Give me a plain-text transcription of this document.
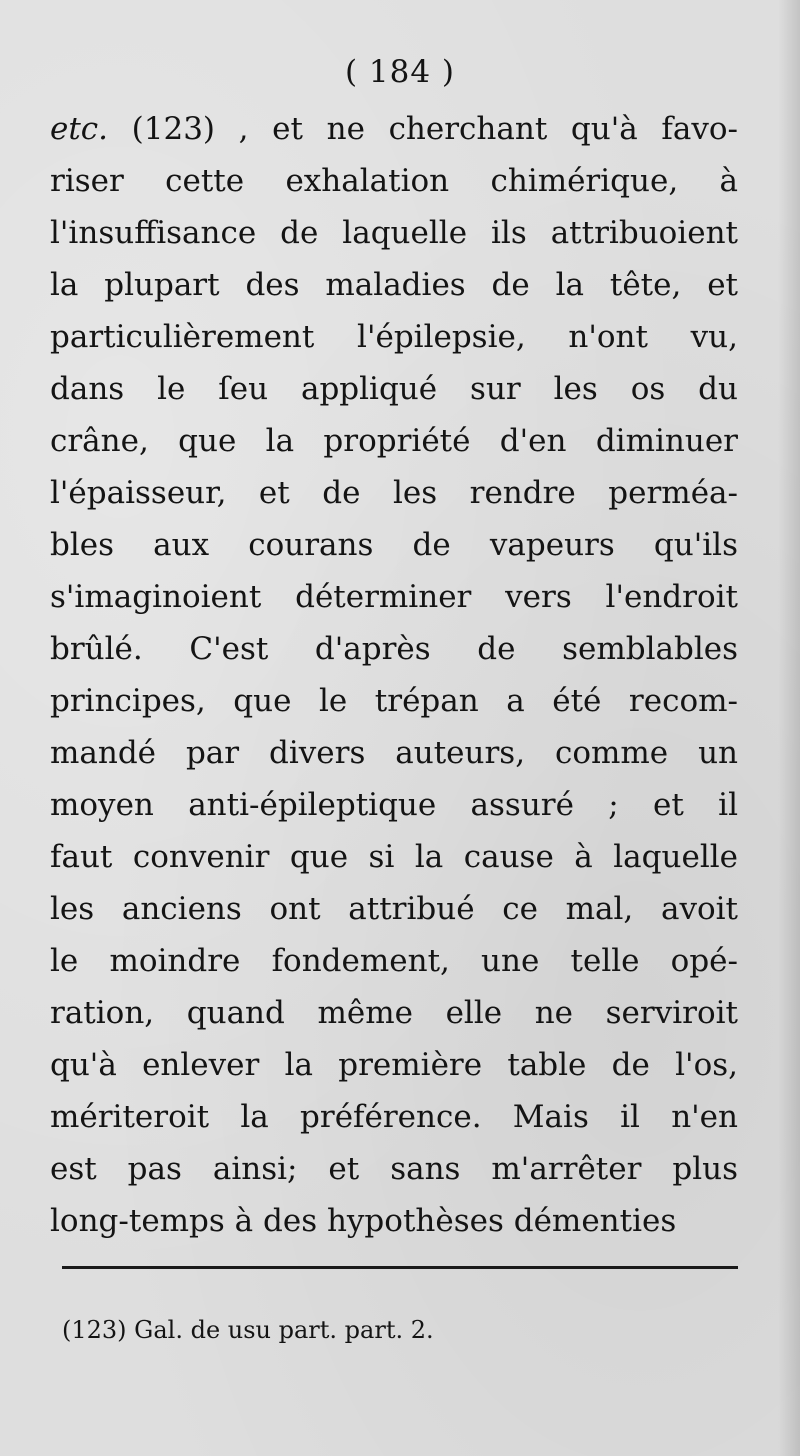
( 184 )
etc. (123) , et ne cherchant qu'à favo-
riser cette exhalation chimérique, à
l'insuffisance de laquelle ils attribuoient
la plupart des maladies de la tête, et
particulièrement l'épilepsie, n'ont vu,
dans le ſeu appliqué sur les os du
crâne, que la propriété d'en diminuer
l'épaisseur, et de les rendre perméa-
bles aux courans de vapeurs qu'ils
s'imaginoient déterminer vers l'endroit
brûlé. C'est d'après de semblables
principes, que le trépan a été recom-
mandé par divers auteurs, comme un
moyen anti-épileptique assuré ; et il
faut convenir que si la cause à laquelle
les anciens ont attribué ce mal, avoit
le moindre fondement, une telle opé-
ration, quand même elle ne serviroit
qu'à enlever la première table de l'os,
mériteroit la préférence. Mais il n'en
est pas ainsi; et sans m'arrêter plus
long-temps à des hypothèses démenties
(123) Gal. de usu part. part. 2.
